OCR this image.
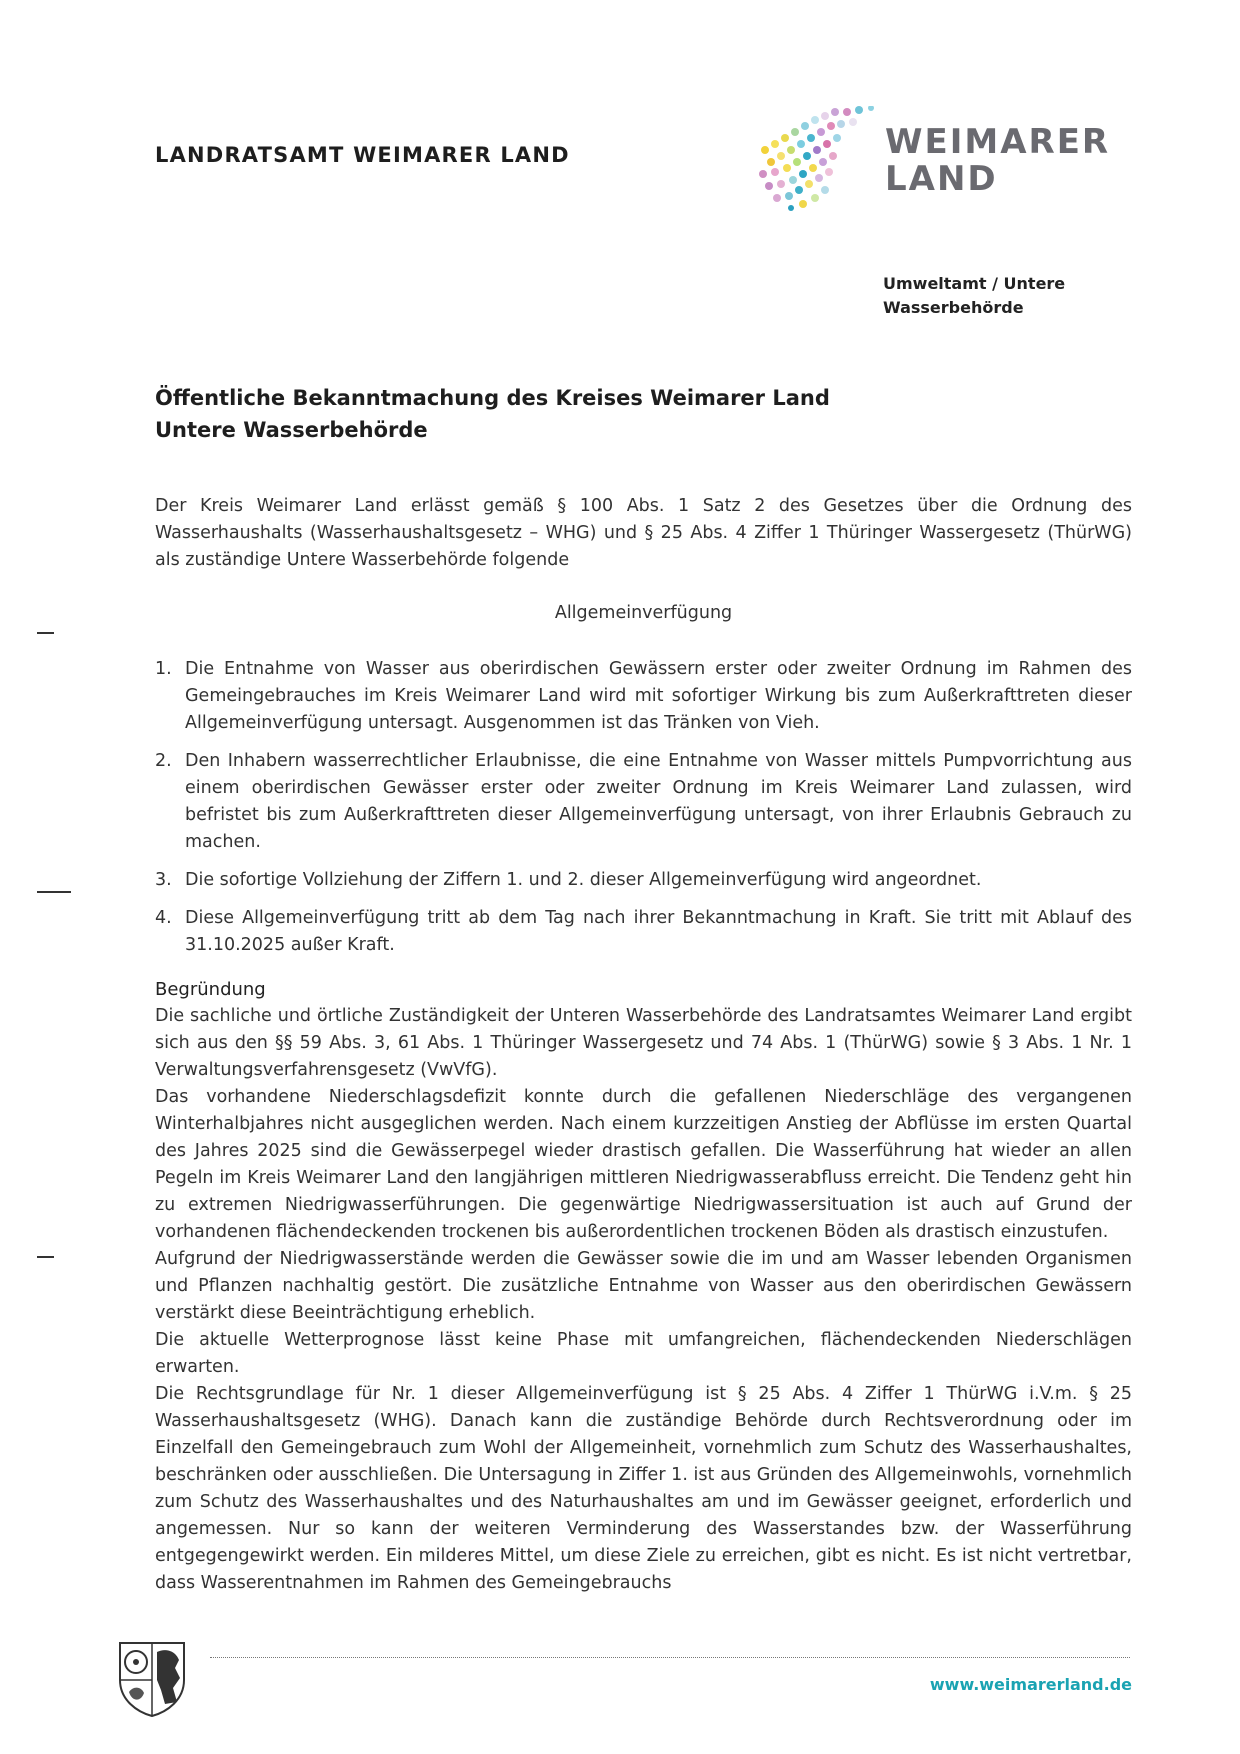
LANDRATSAMT WEIMARER LAND	WEIMARER
LAND
Umweltamt / Untere
Wasserbehörde
Öffentliche Bekanntmachung des Kreises Weimarer Land
Untere Wasserbehörde
Der Kreis Weimarer Land erlässt gemäß § 100 Abs. 1 Satz 2 des Gesetzes über die Ordnung des Wasserhaushalts (Wasserhaushaltsgesetz – WHG) und § 25 Abs. 4 Ziffer 1 Thüringer Wassergesetz (ThürWG) als zuständige Untere Wasserbehörde folgende
Allgemeinverfügung
1. Die Entnahme von Wasser aus oberirdischen Gewässern erster oder zweiter Ordnung im Rahmen des Gemeingebrauches im Kreis Weimarer Land wird mit sofortiger Wirkung bis zum Außerkrafttreten dieser Allgemeinverfügung untersagt. Ausgenommen ist das Tränken von Vieh.
2. Den Inhabern wasserrechtlicher Erlaubnisse, die eine Entnahme von Wasser mittels Pumpvorrichtung aus einem oberirdischen Gewässer erster oder zweiter Ordnung im Kreis Weimarer Land zulassen, wird befristet bis zum Außerkrafttreten dieser Allgemeinverfügung untersagt, von ihrer Erlaubnis Gebrauch zu machen.
3. Die sofortige Vollziehung der Ziffern 1. und 2. dieser Allgemeinverfügung wird angeordnet.
4. Diese Allgemeinverfügung tritt ab dem Tag nach ihrer Bekanntmachung in Kraft. Sie tritt mit Ablauf des 31.10.2025 außer Kraft.
Begründung

Die sachliche und örtliche Zuständigkeit der Unteren Wasserbehörde des Landratsamtes Weimarer Land ergibt sich aus den §§ 59 Abs. 3, 61 Abs. 1 Thüringer Wassergesetz und 74 Abs. 1 (ThürWG) sowie § 3 Abs. 1 Nr. 1 Verwaltungsverfahrensgesetz (VwVfG).

Das vorhandene Niederschlagsdefizit konnte durch die gefallenen Niederschläge des vergangenen Winterhalbjahres nicht ausgeglichen werden. Nach einem kurzzeitigen Anstieg der Abflüsse im ersten Quartal des Jahres 2025 sind die Gewässerpegel wieder drastisch gefallen. Die Wasserführung hat wieder an allen Pegeln im Kreis Weimarer Land den langjährigen mittleren Niedrigwasserabfluss erreicht. Die Tendenz geht hin zu extremen Niedrigwasserführungen. Die gegenwärtige Niedrigwassersituation ist auch auf Grund der vorhandenen flächendeckenden trockenen bis außerordentlichen trockenen Böden als drastisch einzustufen.

Aufgrund der Niedrigwasserstände werden die Gewässer sowie die im und am Wasser lebenden Organismen und Pflanzen nachhaltig gestört. Die zusätzliche Entnahme von Wasser aus den oberirdischen Gewässern verstärkt diese Beeinträchtigung erheblich.

Die aktuelle Wetterprognose lässt keine Phase mit umfangreichen, flächendeckenden Niederschlägen erwarten.

Die Rechtsgrundlage für Nr. 1 dieser Allgemeinverfügung ist § 25 Abs. 4 Ziffer 1 ThürWG i.V.m. § 25 Wasserhaushaltsgesetz (WHG). Danach kann die zuständige Behörde durch Rechtsverordnung oder im Einzelfall den Gemeingebrauch zum Wohl der Allgemeinheit, vornehmlich zum Schutz des Wasserhaushaltes, beschränken oder ausschließen. Die Untersagung in Ziffer 1. ist aus Gründen des Allgemeinwohls, vornehmlich zum Schutz des Wasserhaushaltes und des Naturhaushaltes am und im Gewässer geeignet, erforderlich und angemessen. Nur so kann der weiteren Verminderung des Wasserstandes bzw. der Wasserführung entgegengewirkt werden. Ein milderes Mittel, um diese Ziele zu erreichen, gibt es nicht. Es ist nicht vertretbar, dass Wasserentnahmen im Rahmen des Gemeingebrauchs

www.weimarerland.de
